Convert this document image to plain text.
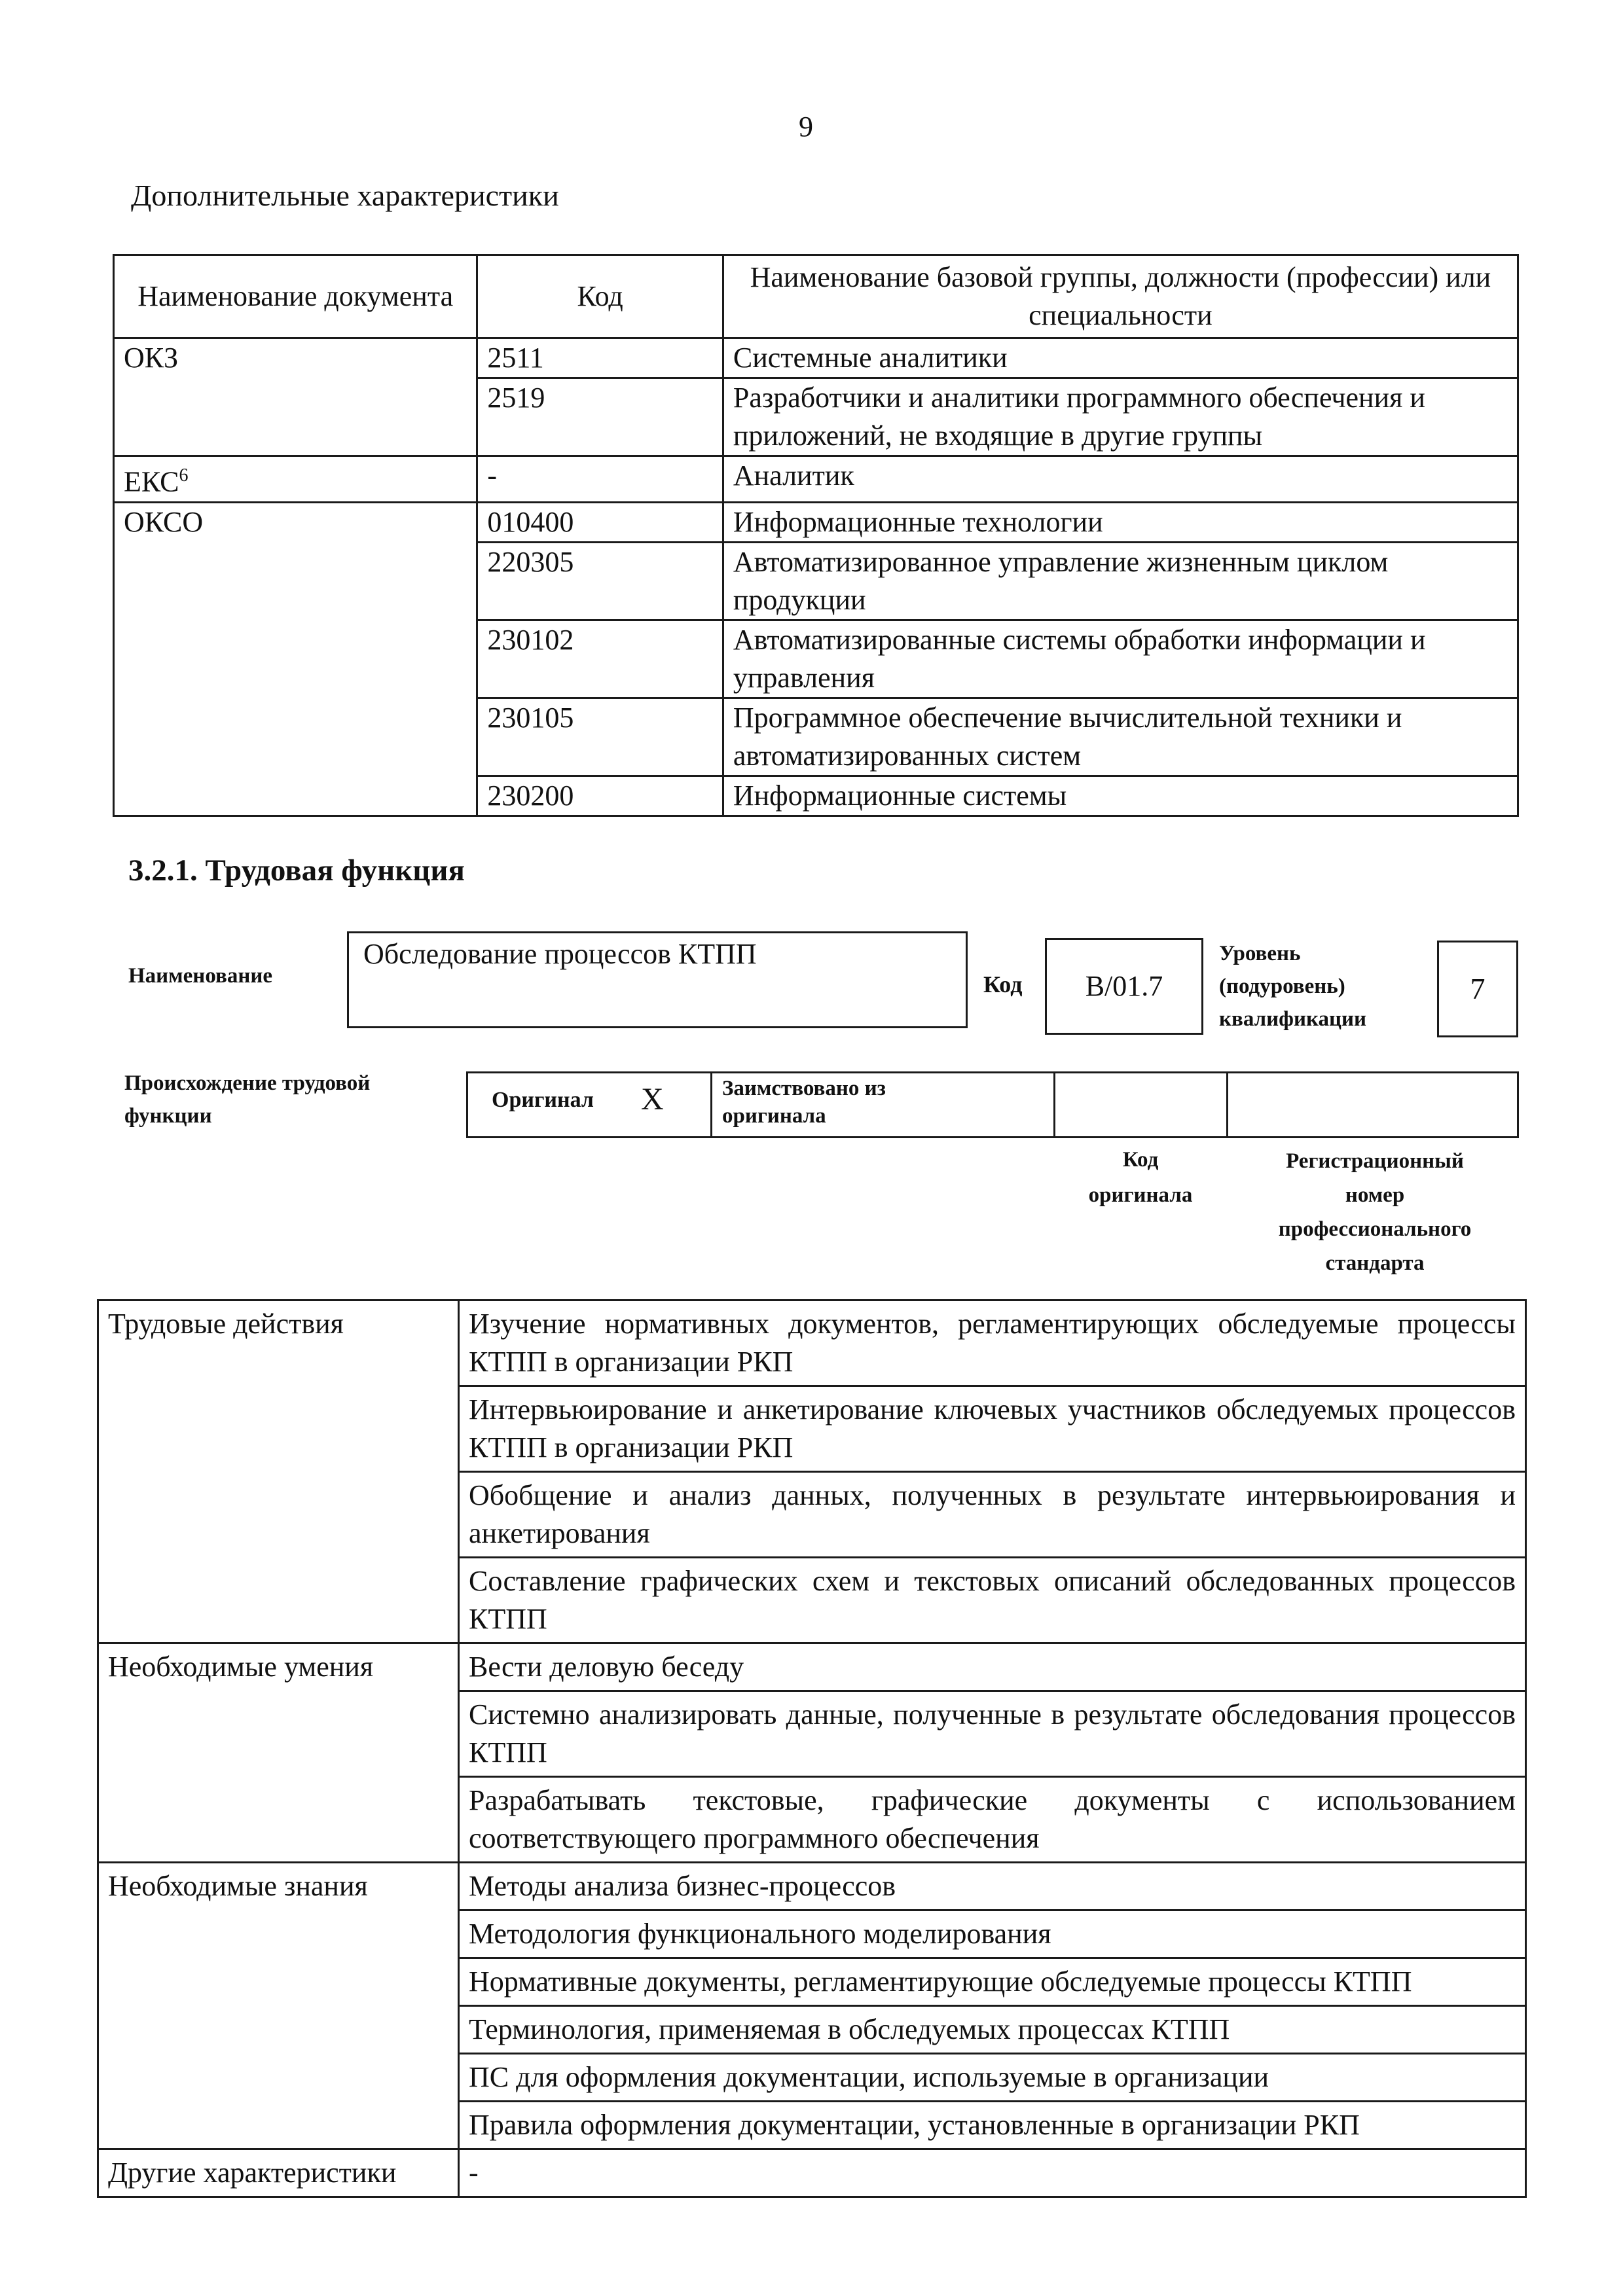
9
Дополнительные характеристики
Наименование документа	Код	Наименование базовой группы, должности (профессии) или специальности
ОКЗ	2511	Системные аналитики
	2519	Разработчики и аналитики программного обеспечения и приложений, не входящие в другие группы
ЕКС$^6$	-	Аналитик
ОКСО	010400	Информационные технологии
	220305	Автоматизированное управление жизненным циклом продукции
	230102	Автоматизированные системы обработки информации и управления
	230105	Программное обеспечение вычислительной техники и автоматизированных систем
	230200	Информационные системы
3.2.1. Трудовая функция
Наименование
Обследование процессов КТПП
Код	B/01.7
Уровень
(подуровень)
квалификации
7
Происхождение трудовой
функции
Оригинал X	Заимствовано из
оригинала
Код
оригинала
Регистрационный
номер
профессионального
стандарта
Трудовые действия	Изучение нормативных документов, регламентирующих обследуемые процессы КТПП в организации РКП
	Интервьюирование и анкетирование ключевых участников обследуемых процессов КТПП в организации РКП
	Обобщение и анализ данных, полученных в результате интервьюирования и анкетирования
	Составление графических схем и текстовых описаний обследованных процессов КТПП
Необходимые умения	Вести деловую беседу
	Системно анализировать данные, полученные в результате обследования процессов КТПП
	Разрабатывать текстовые, графические документы с использованием соответствующего программного обеспечения
Необходимые знания	Методы анализа бизнес-процессов
	Методология функционального моделирования
	Нормативные документы, регламентирующие обследуемые процессы КТПП
	Терминология, применяемая в обследуемых процессах КТПП
	ПС для оформления документации, используемые в организации
	Правила оформления документации, установленные в организации РКП
Другие характеристики	-
